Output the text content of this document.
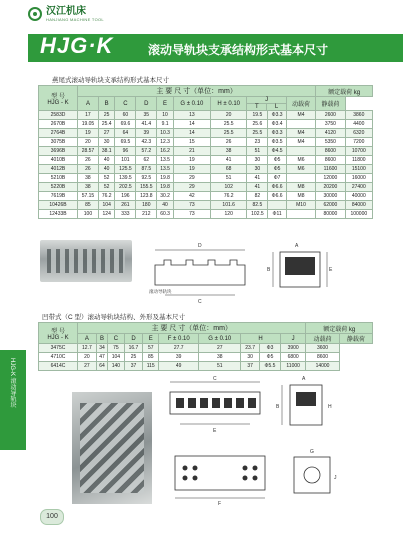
汉江机床
HANJIANG MACHINE TOOL
HJG·K	滚动导轨块支承结构形式基本尺寸
HJG-K 滚动导轨块
燕尾式滚动导轨块支承结构形式基本尺寸
型 号
HJG - K	主 要 尺 寸（单位：mm）										额定载荷 kg	
	A	B	C	D	E	G ± 0.10	H ± 0.10	J
T L		动载荷	静载荷	
2583D	17	25	60	35	10	13	20	19.5	Φ3.3	M4	2600	3860
2670B	19.05	25.4	69.6	41.4	9.1	14	25.5	25.6	Φ3.4		3750	4400
2764B	19	27	64	39	10.3	14	25.5	25.5	Φ3.3	M4	4120	6320
3075B	20	30	69.5	42.3	12.3	15	26	23	Φ3.5	M4	5350	7200
3696B	28.57	38.1	96	57.2	16.2	21	38	51	Φ4.5		8600	10700
4010B	26	40	101	62	13.5	19	41	30	Φ5	M6	8600	11800
4012B	26	40	125.5	87.5	13.5	19	68	30	Φ5	M6	11600	15100
5210B	38	52	139.5	92.5	19.8	29	51	41	Φ7		12000	16000
5220B	38	52	202.5	155.5	19.8	29	102	41	Φ6.6	M8	20200	27400
7619B	57.15	76.2	196	123.8	30.2	42	76.2	82	Φ6.6	M8	30000	40000
10426B	85	104	261	180	40	73	101.6	82.5		M10	62000	84000
12433B	100	124	333	212	60.3	73	120	102.5	Φ11		80000	100000
D
C
滚动导轨块
B	E
A
凹带式（C 型）滚动导轨块结构、外形及基本尺寸
型 号
HJG - K	主 要 尺 寸（单位：mm）										额定载荷 kg	
	A	B	C	D	E	F ± 0.10	G ± 0.10	H		J	动载荷	静载荷
3475C	12.7	34	75	16.7	57	27.7	27	23.7	Φ3	3900	3600	
4710C	20	47	104	25	85	39	38	30	Φ5	6800	8600	
6414C	27	64	140	37	115	49	51	37	Φ5.5	11000	14000	
C
E
B
A
H
F
G
J
100
